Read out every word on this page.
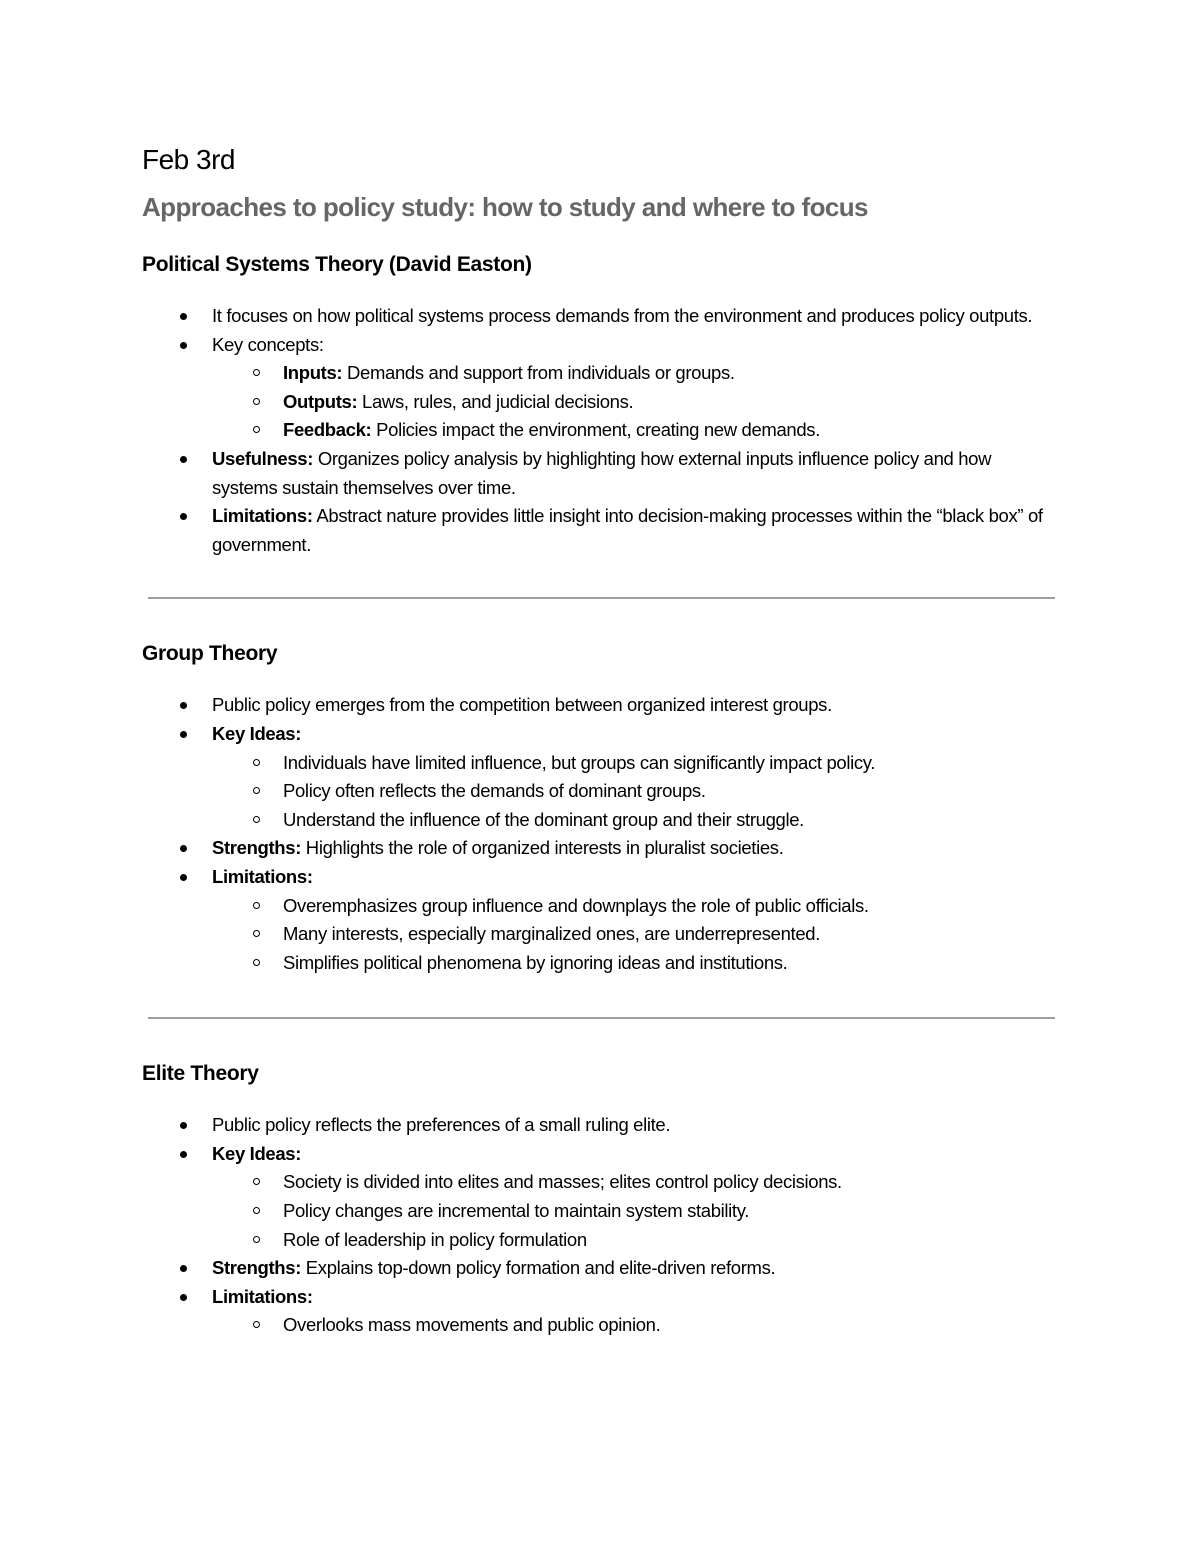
Feb 3rd
Approaches to policy study: how to study and where to focus
Political Systems Theory (David Easton)
It focuses on how political systems process demands from the environment and produces policy outputs.
Key concepts:
Inputs: Demands and support from individuals or groups.
Outputs: Laws, rules, and judicial decisions.
Feedback: Policies impact the environment, creating new demands.
Usefulness: Organizes policy analysis by highlighting how external inputs influence policy and how systems sustain themselves over time.
Limitations: Abstract nature provides little insight into decision-making processes within the “black box” of government.
Group Theory
Public policy emerges from the competition between organized interest groups.
Key Ideas:
Individuals have limited influence, but groups can significantly impact policy.
Policy often reflects the demands of dominant groups.
Understand the influence of the dominant group and their struggle.
Strengths: Highlights the role of organized interests in pluralist societies.
Limitations:
Overemphasizes group influence and downplays the role of public officials.
Many interests, especially marginalized ones, are underrepresented.
Simplifies political phenomena by ignoring ideas and institutions.
Elite Theory
Public policy reflects the preferences of a small ruling elite.
Key Ideas:
Society is divided into elites and masses; elites control policy decisions.
Policy changes are incremental to maintain system stability.
Role of leadership in policy formulation
Strengths: Explains top-down policy formation and elite-driven reforms.
Limitations:
Overlooks mass movements and public opinion.
